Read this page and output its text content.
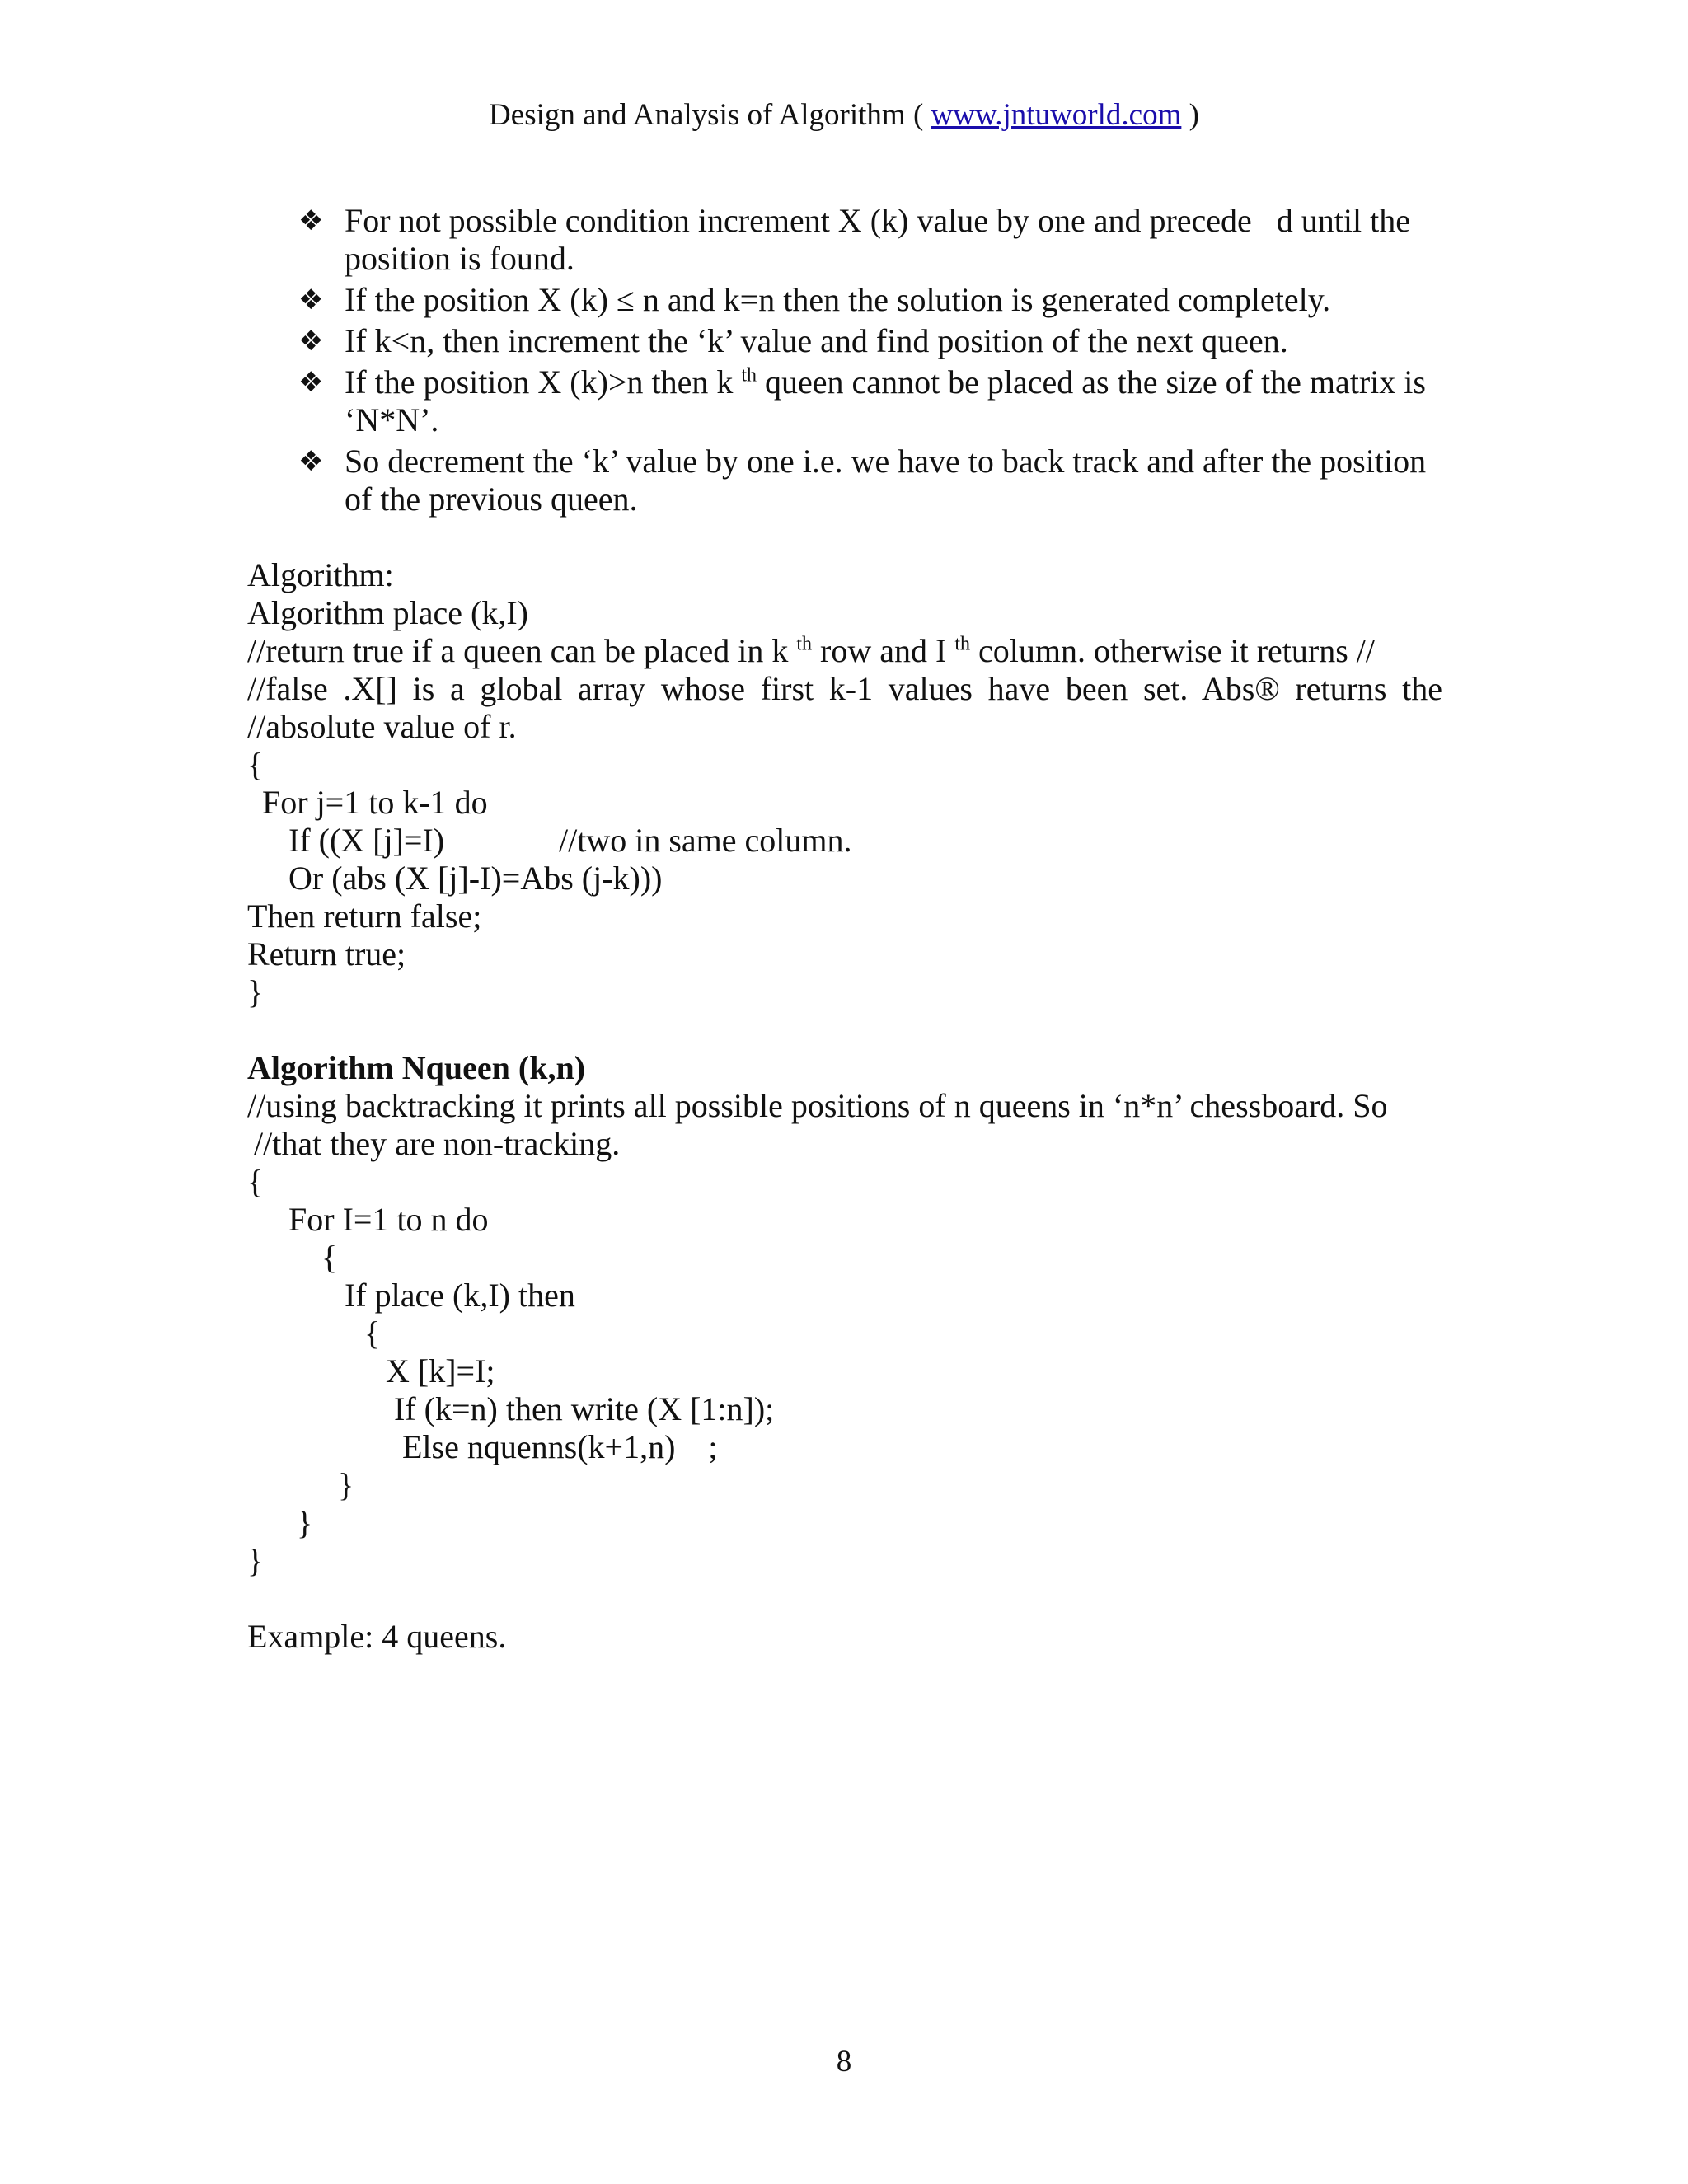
Design and Analysis of Algorithm ( www.jntuworld.com )
❖ For not possible condition increment X (k) value by one and precede   d until the
position is found.
❖ If the position X (k) ≤ n and k=n then the solution is generated completely.
❖ If k<n, then increment the ‘k’ value and find position of the next queen.
❖ If the position X (k)>n then k $^{th}$ queen cannot be placed as the size of the matrix is
‘N*N’.
❖ So decrement the ‘k’ value by one i.e. we have to back track and after the position
of the previous queen.
Algorithm:
Algorithm place (k,I)
//return true if a queen can be placed in k $^{th}$ row and I $^{th}$ column. otherwise it returns //
//false .X[] is a global array whose first k-1 values have been set. Abs® returns the
//absolute value of r.
{
For j=1 to k-1 do
If ((X [j]=I)	//two in same column.
Or (abs (X [j]-I)=Abs (j-k)))
Then return false;
Return true;
}
Algorithm Nqueen (k,n)
//using backtracking it prints all possible positions of n queens in ‘n*n’ chessboard. So
//that they are non-tracking.
{
For I=1 to n do
{
If place (k,I) then
{
X [k]=I;
If (k=n) then write (X [1:n]);
Else nquenns(k+1,n)    ;
}
}
}
Example: 4 queens.
8
